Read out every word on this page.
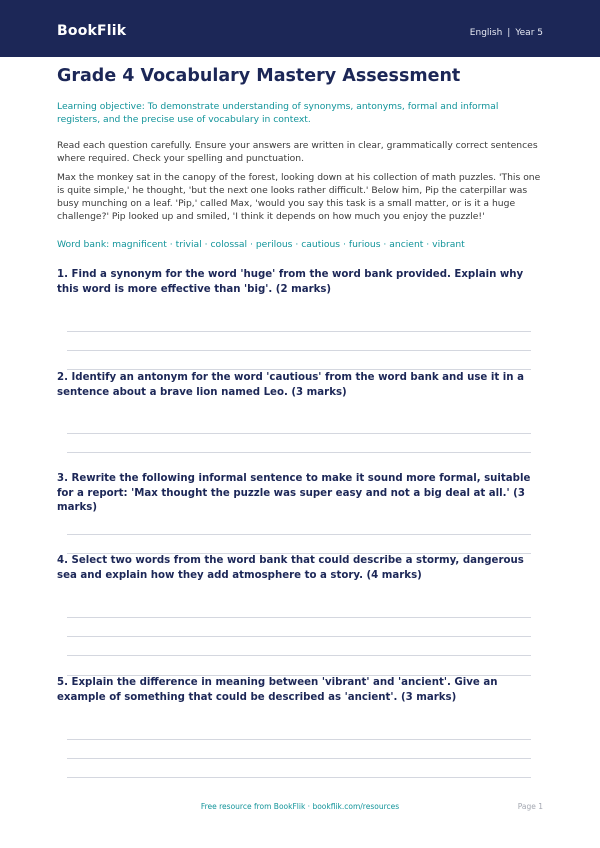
BookFlik	English | Year 5
Grade 4 Vocabulary Mastery Assessment
Learning objective: To demonstrate understanding of synonyms, antonyms, formal and informal registers, and the precise use of vocabulary in context.
Read each question carefully. Ensure your answers are written in clear, grammatically correct sentences where required. Check your spelling and punctuation.
Max the monkey sat in the canopy of the forest, looking down at his collection of math puzzles. 'This one is quite simple,' he thought, 'but the next one looks rather difficult.' Below him, Pip the caterpillar was busy munching on a leaf. 'Pip,' called Max, 'would you say this task is a small matter, or is it a huge challenge?' Pip looked up and smiled, 'I think it depends on how much you enjoy the puzzle!'
Word bank: magnificent · trivial · colossal · perilous · cautious · furious · ancient · vibrant
1. Find a synonym for the word 'huge' from the word bank provided. Explain why this word is more effective than 'big'. (2 marks)
2. Identify an antonym for the word 'cautious' from the word bank and use it in a sentence about a brave lion named Leo. (3 marks)
3. Rewrite the following informal sentence to make it sound more formal, suitable for a report: 'Max thought the puzzle was super easy and not a big deal at all.' (3 marks)
4. Select two words from the word bank that could describe a stormy, dangerous sea and explain how they add atmosphere to a story. (4 marks)
5. Explain the difference in meaning between 'vibrant' and 'ancient'. Give an example of something that could be described as 'ancient'. (3 marks)
Free resource from BookFlik · bookflik.com/resources	Page 1
